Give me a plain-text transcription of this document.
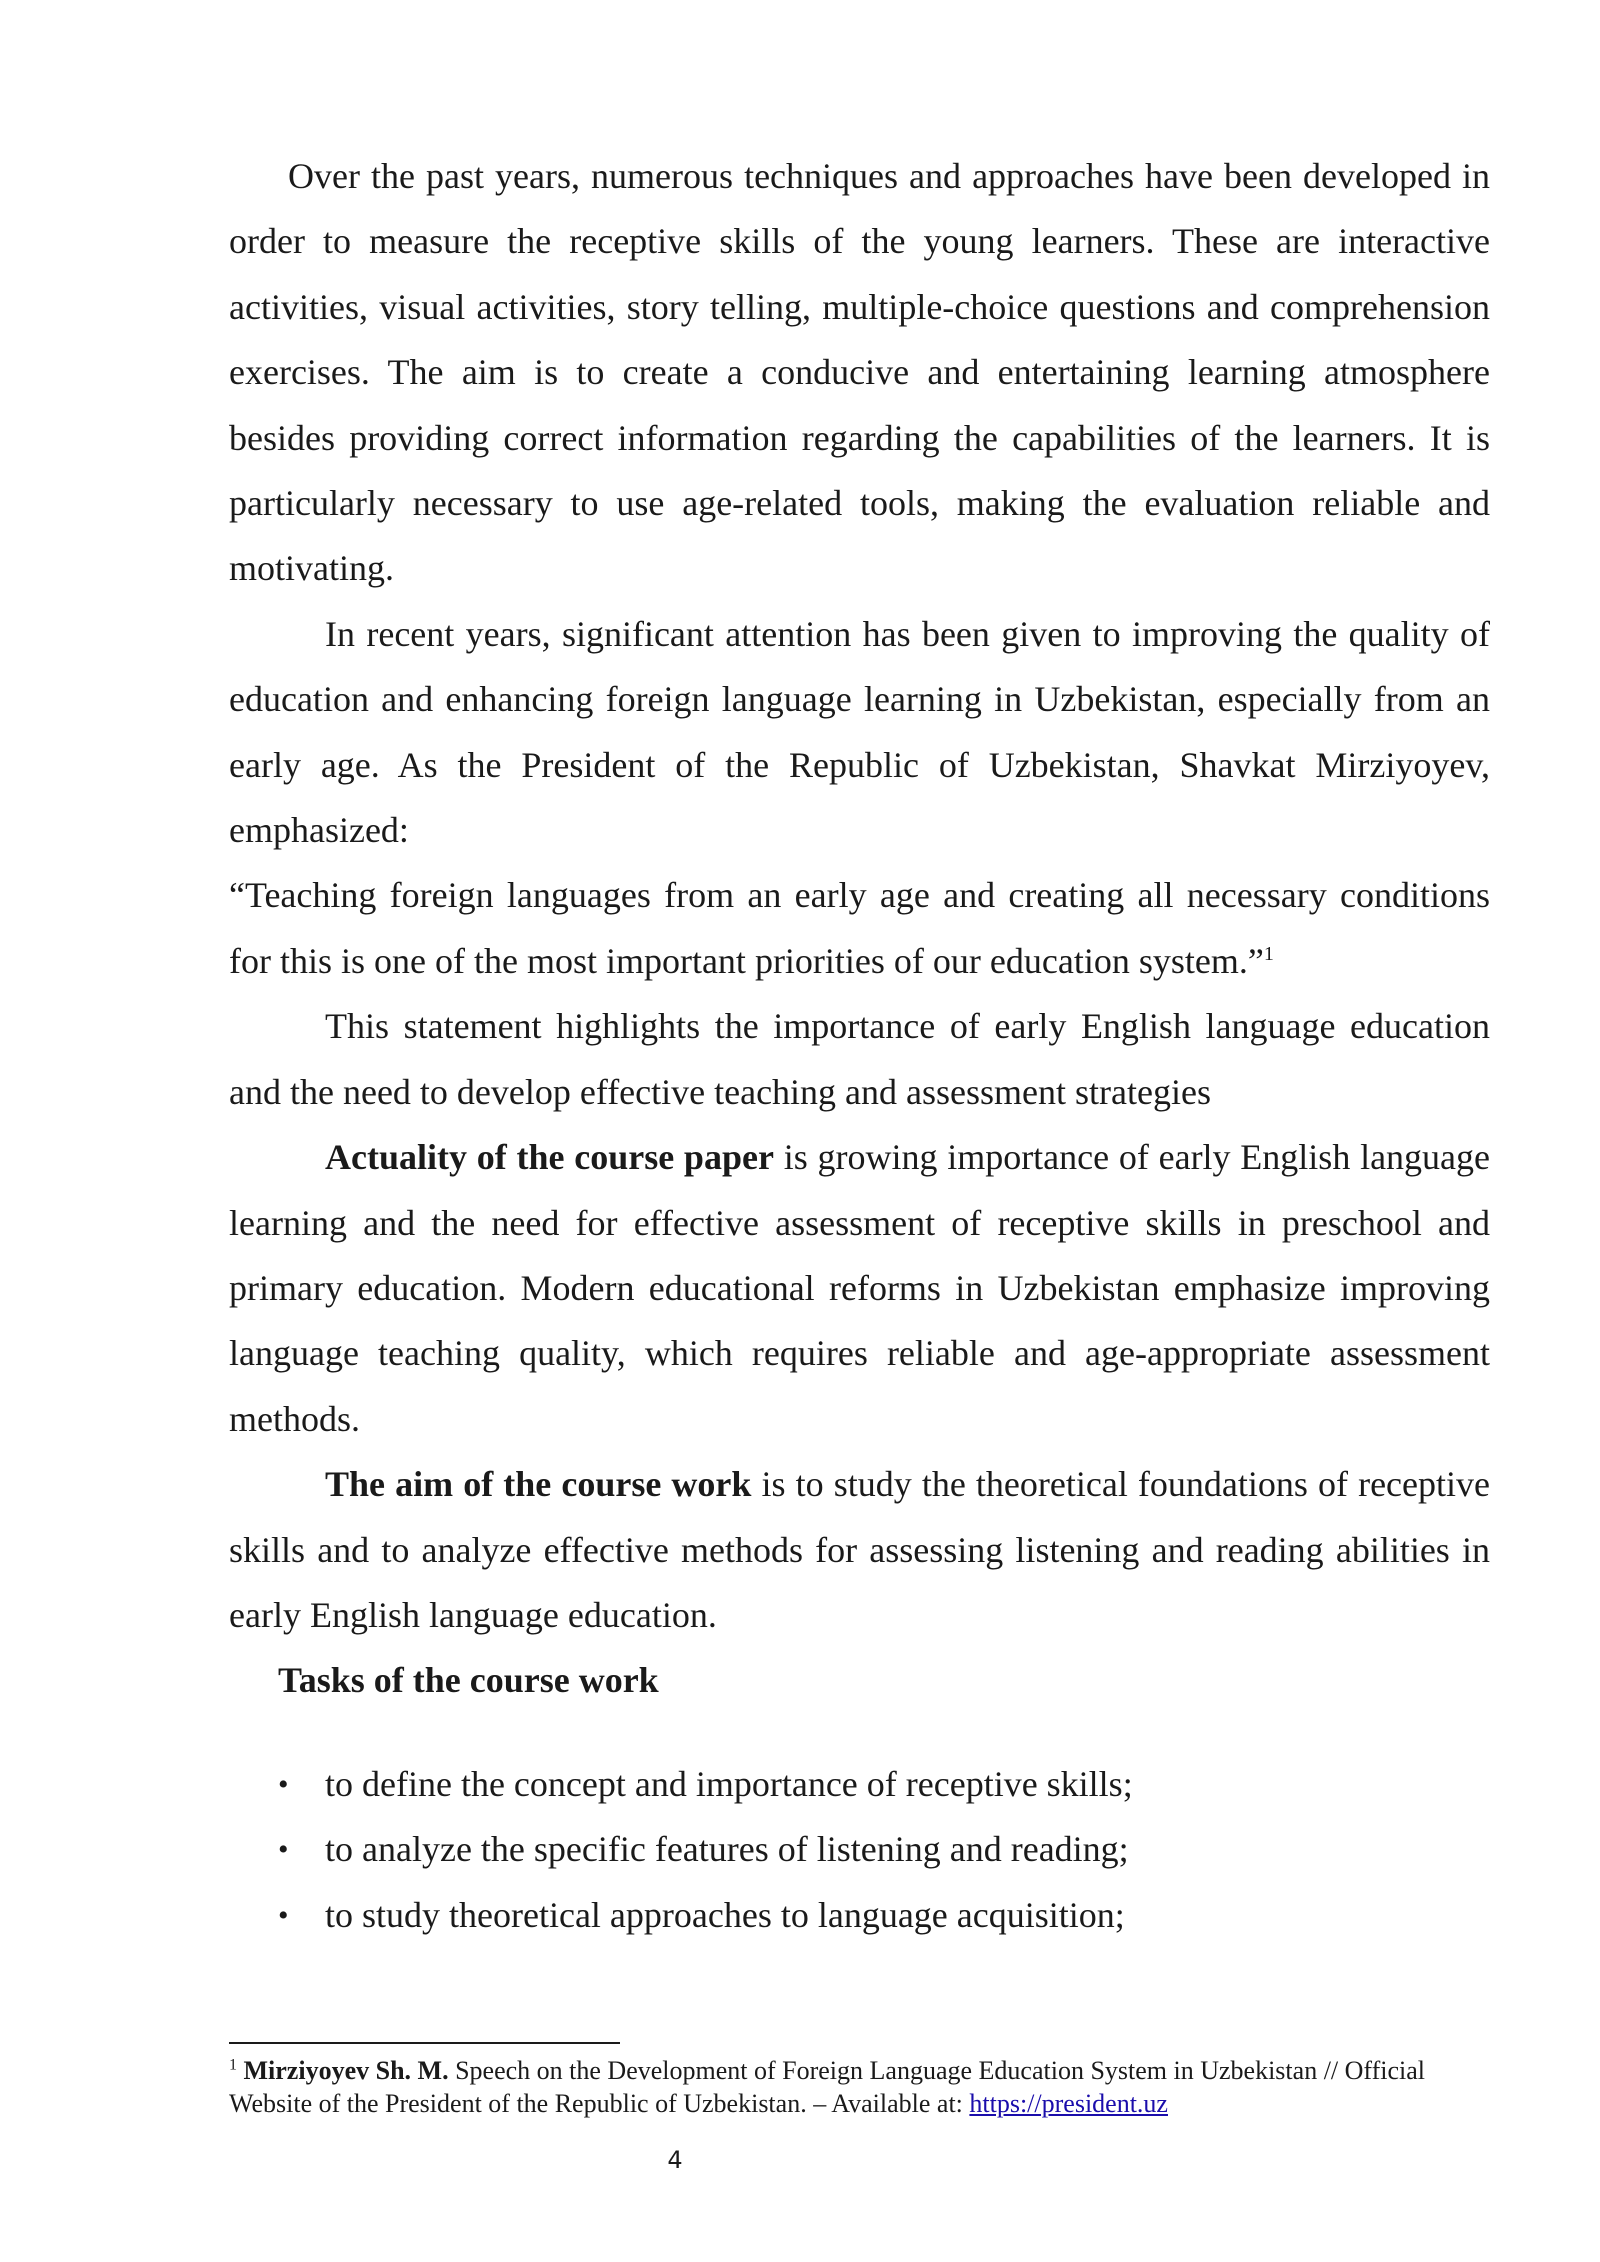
Over the past years, numerous techniques and approaches have been developed in order to measure the receptive skills of the young learners. These are interactive activities, visual activities, story telling, multiple-choice questions and comprehension exercises. The aim is to create a conducive and entertaining learning atmosphere besides providing correct information regarding the capabilities of the learners. It is particularly necessary to use age-related tools, making the evaluation reliable and motivating.

In recent years, significant attention has been given to improving the quality of education and enhancing foreign language learning in Uzbekistan, especially from an early age. As the President of the Republic of Uzbekistan, Shavkat Mirziyoyev, emphasized:

“Teaching foreign languages from an early age and creating all necessary conditions for this is one of the most important priorities of our education system.”$^1$

This statement highlights the importance of early English language education and the need to develop effective teaching and assessment strategies

Actuality of the course paper is growing importance of early English language learning and the need for effective assessment of receptive skills in preschool and primary education. Modern educational reforms in Uzbekistan emphasize improving language teaching quality, which requires reliable and age-appropriate assessment methods.

The aim of the course work is to study the theoretical foundations of receptive skills and to analyze effective methods for assessing listening and reading abilities in early English language education.

Tasks of the course work

• to define the concept and importance of receptive skills;
• to analyze the specific features of listening and reading;
• to study theoretical approaches to language acquisition;

$^1$ Mirziyoyev Sh. M. Speech on the Development of Foreign Language Education System in Uzbekistan // Official Website of the President of the Republic of Uzbekistan. – Available at: https://president.uz

4
